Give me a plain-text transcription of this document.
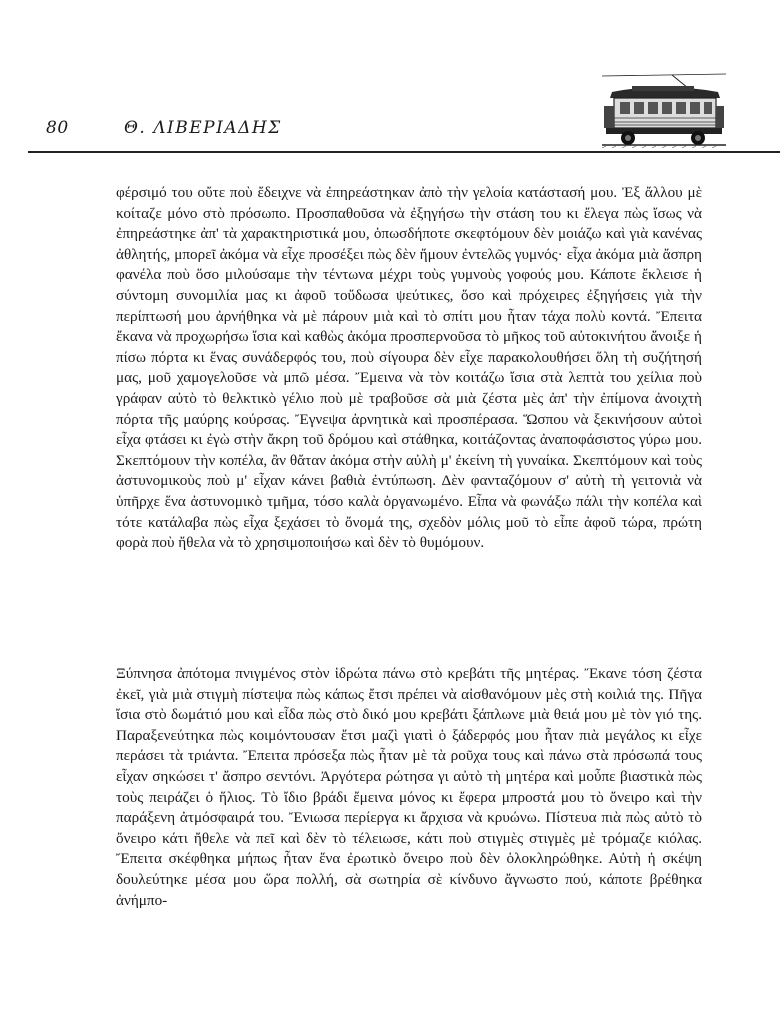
80	Θ. ΛΙΒΕΡΙΑΔΗΣ

φέρσιμό του οὔτε ποὺ ἔδειχνε νὰ ἐπηρεάστηκαν ἀπὸ τὴν γελοία κατάστασή μου. Ἐξ ἄλλου μὲ κοίταζε μόνο στὸ πρόσωπο. Προσπαθοῦσα νὰ ἐξηγήσω τὴν στάση του κι ἔλεγα πὼς ἴσως νὰ ἐπηρεάστηκε ἀπ' τὰ χαρακτηριστικά μου, ὁπωσδήποτε σκεφτόμουν δὲν μοιάζω καὶ γιὰ κανένας ἀθλητής, μπορεῖ ἀκόμα νὰ εἶχε προσέξει πὼς δὲν ἤμουν ἐντελῶς γυμνός· εἶχα ἀκόμα μιὰ ἄσπρη φανέλα ποὺ ὅσο μιλούσαμε τὴν τέντωνα μέχρι τοὺς γυμνοὺς γοφούς μου. Κάποτε ἔκλεισε ἡ σύντομη συνομιλία μας κι ἀφοῦ τοὔδωσα ψεύτικες, ὅσο καὶ πρόχειρες ἐξηγήσεις γιὰ τὴν περίπτωσή μου ἀρνήθηκα νὰ μὲ πάρουν μιὰ καὶ τὸ σπίτι μου ἦταν τάχα πολὺ κοντά. Ἔπειτα ἔκανα νὰ προχωρήσω ἴσια καὶ καθὼς ἀκόμα προσπερνοῦσα τὸ μῆκος τοῦ αὐτοκινήτου ἄνοιξε ἡ πίσω πόρτα κι ἕνας συνάδερφός του, ποὺ σίγουρα δὲν εἶχε παρακολουθήσει ὅλη τὴ συζήτησή μας, μοῦ χαμογελοῦσε νὰ μπῶ μέσα. Ἔμεινα νὰ τὸν κοιτάζω ἴσια στὰ λεπτὰ του χείλια ποὺ γράφαν αὐτὸ τὸ θελκτικὸ γέλιο ποὺ μὲ τραβοῦσε σὰ μιὰ ζέστα μὲς ἀπ' τὴν ἐπίμονα ἀνοιχτὴ πόρτα τῆς μαύρης κούρσας. Ἔγνεψα ἀρνητικὰ καὶ προσπέρασα. Ὥσπου νὰ ξεκινήσουν αὐτοὶ εἶχα φτάσει κι ἐγὼ στὴν ἄκρη τοῦ δρόμου καὶ στάθηκα, κοιτάζοντας ἀναποφάσιστος γύρω μου. Σκεπτόμουν τὴν κοπέλα, ἂν θἄταν ἀκόμα στὴν αὐλὴ μ' ἐκείνη τὴ γυναίκα. Σκεπτόμουν καὶ τοὺς ἀστυνομικοὺς ποὺ μ' εἶχαν κάνει βαθιὰ ἐντύπωση. Δὲν φανταζόμουν σ' αὐτὴ τὴ γειτονιὰ νὰ ὑπῆρχε ἕνα ἀστυνομικὸ τμῆμα, τόσο καλὰ ὀργανωμένο. Εἶπα νὰ φωνάξω πάλι τὴν κοπέλα καὶ τότε κατάλαβα πὼς εἶχα ξεχάσει τὸ ὄνομά της, σχεδὸν μόλις μοῦ τὸ εἶπε ἀφοῦ τώρα, πρώτη φορὰ ποὺ ἤθελα νὰ τὸ χρησιμοποιήσω καὶ δὲν τὸ θυμόμουν.

Ξύπνησα ἀπότομα πνιγμένος στὸν ἱδρώτα πάνω στὸ κρεβάτι τῆς μητέρας. Ἔκανε τόση ζέστα ἐκεῖ, γιὰ μιὰ στιγμὴ πίστεψα πὼς κάπως ἔτσι πρέπει νὰ αἰσθανόμουν μὲς στὴ κοιλιά της. Πῆγα ἴσια στὸ δωμάτιό μου καὶ εἶδα πὼς στὸ δικό μου κρεβάτι ξάπλωνε μιὰ θειά μου μὲ τὸν γιό της. Παραξενεύτηκα πὼς κοιμόντουσαν ἔτσι μαζὶ γιατὶ ὁ ξάδερφός μου ἦταν πιὰ μεγάλος κι εἶχε περάσει τὰ τριάντα. Ἔπειτα πρόσεξα πὼς ἦταν μὲ τὰ ροῦχα τους καὶ πάνω στὰ πρόσωπά τους εἶχαν σηκώσει τ' ἄσπρο σεντόνι. Ἀργότερα ρώτησα γι αὐτὸ τὴ μητέρα καὶ μοὖπε βιαστικὰ πὼς τοὺς πειράζει ὁ ἥλιος. Τὸ ἴδιο βράδι ἔμεινα μόνος κι ἔφερα μπροστά μου τὸ ὄνειρο καὶ τὴν παράξενη ἀτμόσφαιρά του. Ἔνιωσα περίεργα κι ἄρχισα νὰ κρυώνω. Πίστευα πιὰ πὼς αὐτὸ τὸ ὄνειρο κάτι ἤθελε νὰ πεῖ καὶ δὲν τὸ τέλειωσε, κάτι ποὺ στιγμὲς στιγμὲς μὲ τρόμαζε κιόλας. Ἔπειτα σκέφθηκα μήπως ἦταν ἕνα ἐρωτικὸ ὄνειρο ποὺ δὲν ὁλοκληρώθηκε. Αὐτὴ ἡ σκέψη δουλεύτηκε μέσα μου ὥρα πολλή, σὰ σωτηρία σὲ κίνδυνο ἄγνωστο πού, κάποτε βρέθηκα ἀνήμπο-
